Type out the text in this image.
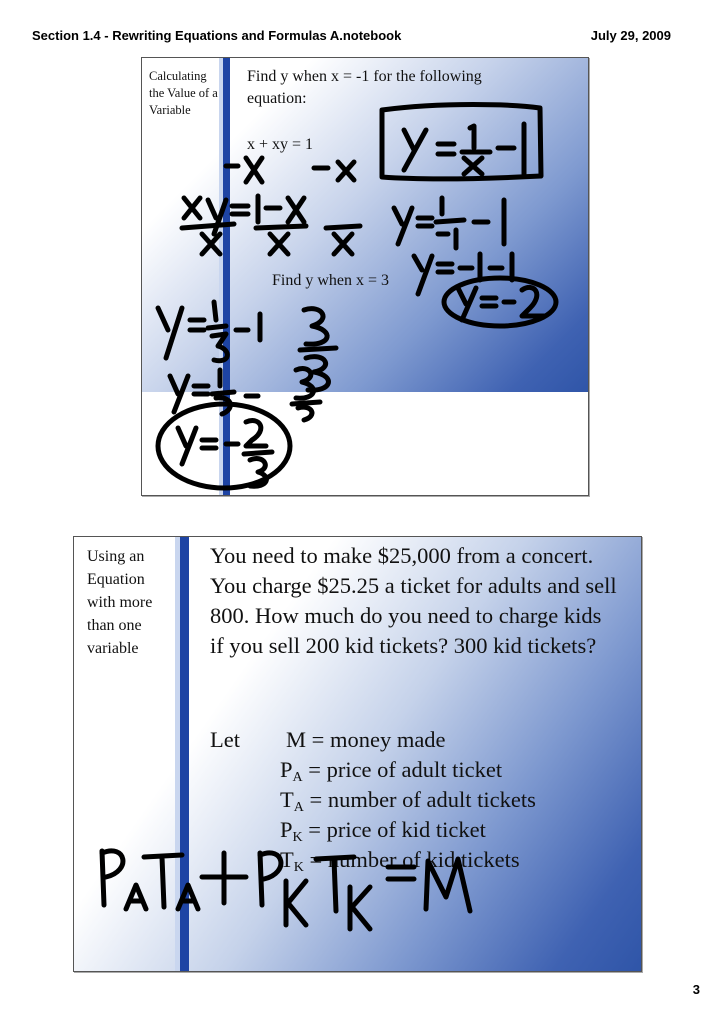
Section 1.4 - Rewriting Equations and Formulas A.notebook	July 29, 2009
Calculating the Value of a Variable
Find y when x = -1 for the following equation:
x + xy = 1
Find y when x = 3
Using an Equation with more than one variable
You need to make $25,000 from a concert. You charge $25.25 a ticket for adults and sell 800. How much do you need to charge kids if you sell 200 kid tickets? 300 kid tickets?
Let M = money made
$P_A$ = price of adult ticket
$T_A$ = number of adult tickets
$P_K$ = price of kid ticket
$T_K$ = number of kid tickets
3
